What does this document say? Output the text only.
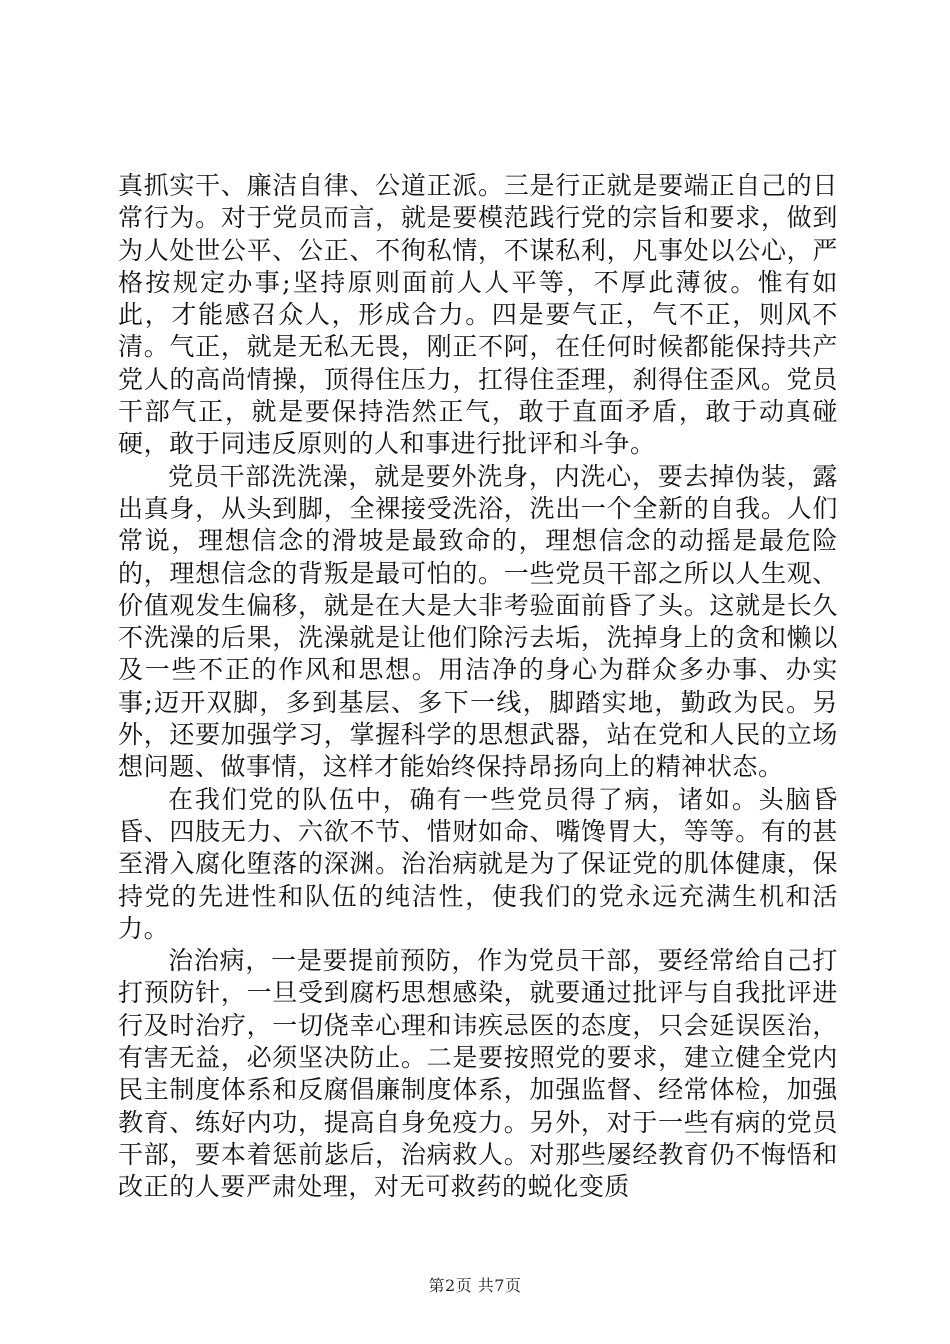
真抓实干、廉洁自律、公道正派。三是行正就是要端正自己的日常行为。对于党员而言，就是要模范践行党的宗旨和要求，做到为人处世公平、公正、不徇私情，不谋私利，凡事处以公心，严格按规定办事;坚持原则面前人人平等，不厚此薄彼。惟有如此，才能感召众人，形成合力。四是要气正，气不正，则风不清。气正，就是无私无畏，刚正不阿，在任何时候都能保持共产党人的高尚情操，顶得住压力，扛得住歪理，刹得住歪风。党员干部气正，就是要保持浩然正气，敢于直面矛盾，敢于动真碰硬，敢于同违反原则的人和事进行批评和斗争。

党员干部洗洗澡，就是要外洗身，内洗心，要去掉伪装，露出真身，从头到脚，全裸接受洗浴，洗出一个全新的自我。人们常说，理想信念的滑坡是最致命的，理想信念的动摇是最危险的，理想信念的背叛是最可怕的。一些党员干部之所以人生观、价值观发生偏移，就是在大是大非考验面前昏了头。这就是长久不洗澡的后果，洗澡就是让他们除污去垢，洗掉身上的贪和懒以及一些不正的作风和思想。用洁净的身心为群众多办事、办实事;迈开双脚，多到基层、多下一线，脚踏实地，勤政为民。另外，还要加强学习，掌握科学的思想武器，站在党和人民的立场想问题、做事情，这样才能始终保持昂扬向上的精神状态。

在我们党的队伍中，确有一些党员得了病，诸如。头脑昏昏、四肢无力、六欲不节、惜财如命、嘴馋胃大，等等。有的甚至滑入腐化堕落的深渊。治治病就是为了保证党的肌体健康，保持党的先进性和队伍的纯洁性，使我们的党永远充满生机和活力。

治治病，一是要提前预防，作为党员干部，要经常给自己打打预防针，一旦受到腐朽思想感染，就要通过批评与自我批评进行及时治疗，一切侥幸心理和讳疾忌医的态度，只会延误医治，有害无益，必须坚决防止。二是要按照党的要求，建立健全党内民主制度体系和反腐倡廉制度体系，加强监督、经常体检，加强教育、练好内功，提高自身免疫力。另外，对于一些有病的党员干部，要本着惩前毖后，治病救人。对那些屡经教育仍不悔悟和改正的人要严肃处理，对无可救药的蜕化变质

第2页 共7页
